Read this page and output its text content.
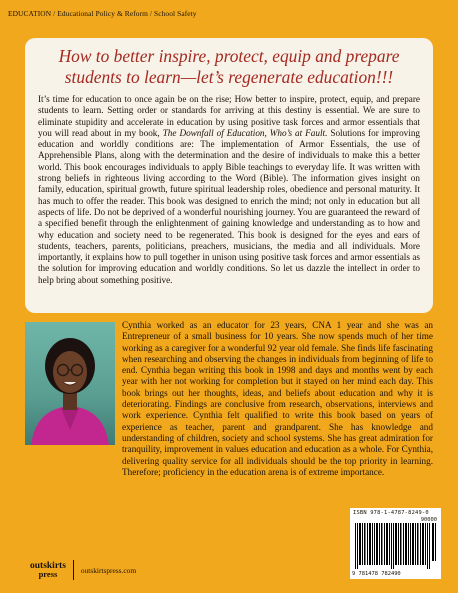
EDUCATION / Educational Policy & Reform / School Safety

How to better inspire, protect, equip and prepare students to learn—let’s regenerate education!!!

It’s time for education to once again be on the rise; How better to inspire, protect, equip, and prepare students to learn. Setting order or standards for arriving at this destiny is essential. We are sure to eliminate stupidity and accelerate in education by using positive task forces and armor essentials that you will read about in my book, The Downfall of Education, Who’s at Fault. Solutions for improving education and worldly conditions are: The implementation of Armor Essentials, the use of Apprehensible Plans, along with the determination and the desire of individuals to make this a better world. This book encourages individuals to apply Bible teachings to everyday life. It was written with strong beliefs in righteous living according to the Word (Bible). The information gives insight on family, education, spiritual growth, future spiritual leadership roles, obedience and personal maturity. It has much to offer the reader. This book was designed to enrich the mind; not only in education but all aspects of life. Do not be deprived of a wonderful nourishing journey. You are guaranteed the reward of a specified benefit through the enlightenment of gaining knowledge and understanding as to how and why education and society need to be regenerated. This book is designed for the eyes and ears of students, teachers, parents, politicians, preachers, musicians, the media and all individuals. More importantly, it explains how to pull together in unison using positive task forces and armor essentials as the solution for improving education and worldly conditions. So let us dazzle the intellect in order to help bring about something positive.

Cynthia worked as an educator for 23 years, CNA 1 year and she was an Entrepreneur of a small business for 10 years. She now spends much of her time working as a caregiver for a wonderful 92 year old female. She finds life fascinating when researching and observing the changes in individuals from beginning of life to end. Cynthia began writing this book in 1998 and days and months went by each year with her not working for completion but it stayed on her mind each day. This book brings out her thoughts, ideas, and beliefs about education and why it is deteriorating. Findings are conclusive from research, observations, interviews and work experience. Cynthia felt qualified to write this book based on years of experience as teacher, parent and grandparent. She has knowledge and understanding of children, society and school systems. She has great admiration for tranquility, improvement in values education and education as a whole. For Cynthia, delivering quality service for all individuals should be the top priority in learning. Therefore; proficiency in the education arena is of extreme importance.

ISBN 978-1-4787-8249-0
90000
9 781478 782490
outskirts
press	outskirtspress.com
